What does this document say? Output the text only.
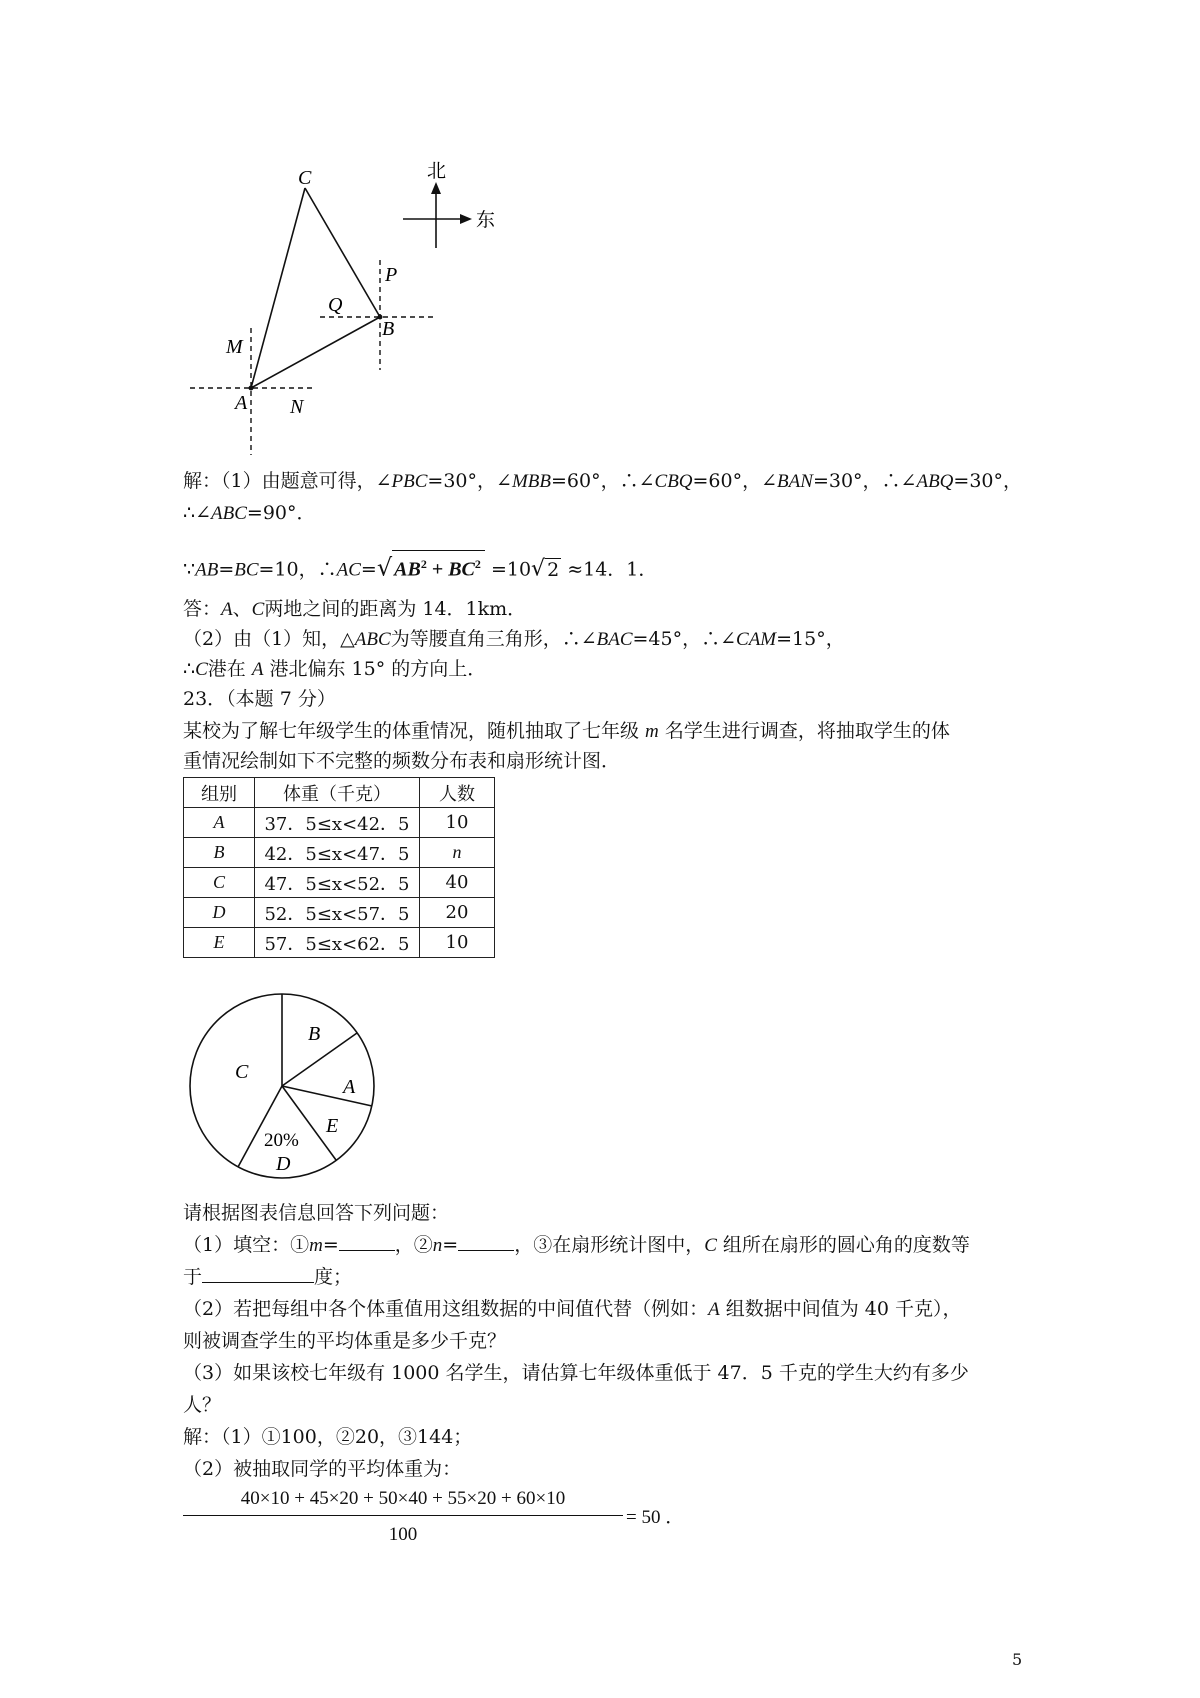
C
P
Q
B
M
A N
北
东
解：（1）由题意可得，∠PBC=30°，∠MBB=60°，∴∠CBQ=60°，∠BAN=30°，∴∠ABQ=30°，
∴∠ABC=90°．
∵AB=BC=10，∴AC=√ $AB^2 + BC^2 =10√$ 2 ≈14．1．
答：A、C两地之间的距离为 14．1km．
（2）由（1）知，△ABC为等腰直角三角形，∴∠BAC=45°，∴∠CAM=15°，
∴C港在 A 港北偏东 15° 的方向上．
23．（本题 7 分）
某校为了解七年级学生的体重情况，随机抽取了七年级 m 名学生进行调查，将抽取学生的体
重情况绘制如下不完整的频数分布表和扇形统计图．
组别	体重（千克）	人数
A	37．5≤x<42．5	10
B	42．5≤x<47．5	n
C	47．5≤x<52．5	40
D	52．5≤x<57．5	20
E	57．5≤x<62．5	10
B
A
E
C
20%
D
请根据图表信息回答下列问题：
（1）填空：①m=	，②n=	，③在扇形统计图中，C 组所在扇形的圆心角的度数等
于	度；
（2）若把每组中各个体重值用这组数据的中间值代替（例如：A 组数据中间值为 40 千克），
则被调查学生的平均体重是多少千克？
（3）如果该校七年级有 1000 名学生，请估算七年级体重低于 47．5 千克的学生大约有多少
人？
解：（1）①100，②20，③144；
（2）被抽取同学的平均体重为：
40×10 + 45×20 + 50×40 + 55×20 + 60×10
100
= 50 ．
5
